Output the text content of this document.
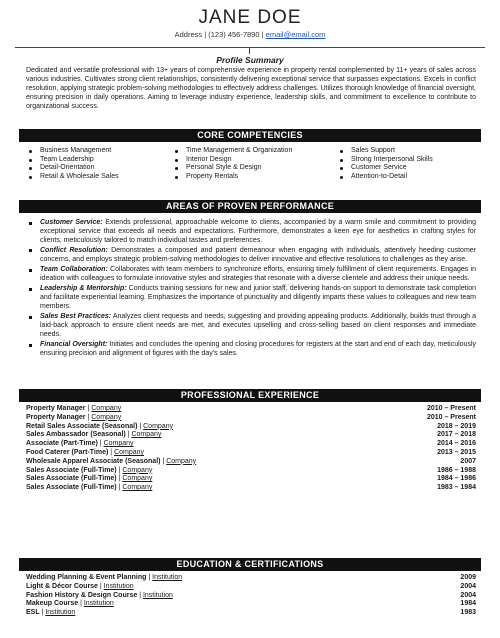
JANE DOE
Address | (123) 456-7890 | email@email.com
Profile Summary

Dedicated and versatile professional with 13+ years of comprehensive experience in property rental complemented by 11+ years of sales across various industries. Cultivates strong client relationships, consistently delivering exceptional service that surpasses expectations. Excels in conflict resolution, applying strategic problem-solving methodologies to effectively address challenges. Utilizes thorough knowledge of financial oversight, ensuring precision in daily operations. Aiming to leverage industry experience, leadership skills, and commitment to excellence to contribute to organizational success.

CORE COMPETENCIES
Business Management
Team Leadership
Detail-Orientation
Retail & Wholesale Sales
Time Management & Organization
Interior Design
Personal Style & Design
Property Rentals
Sales Support
Strong Interpersonal Skills
Customer Service
Attention-to-Detail
AREAS OF PROVEN PERFORMANCE
Customer Service: Extends professional, approachable welcome to clients, accompanied by a warm smile and commitment to providing exceptional service that exceeds all needs and expectations. Furthermore, demonstrates a keen eye for aesthetics in crafting styles for clients, meticulously tailored to match individual tastes and preferences.
Conflict Resolution: Demonstrates a composed and patient demeanour when engaging with individuals, attentively heeding customer concerns, and employs strategic problem-solving methodologies to deliver innovative and effective resolutions to challenges as they arise.
Team Collaboration: Collaborates with team members to synchronize efforts, ensuring timely fulfillment of client requirements. Engages in ideation with colleagues to formulate innovative styles and strategies that resonate with a diverse clientele and address their unique needs.
Leadership & Mentorship: Conducts training sessions for new and junior staff, delivering hands-on support to demonstrate task completion and facilitate experiential learning. Emphasizes the importance of punctuality and diligently imparts these values to colleagues and new team members.
Sales Best Practices: Analyzes client requests and needs, suggesting and providing appealing products. Additionally, builds trust through a laid-back approach to ensure client needs are met, and executes upselling and cross-selling based on client responses and immediate needs.
Financial Oversight: Initiates and concludes the opening and closing procedures for registers at the start and end of each day, meticulously ensuring precision and alignment of figures with the day's sales.
PROFESSIONAL EXPERIENCE
Property Manager | Company	2010 – Present
Property Manager | Company	2010 – Present
Retail Sales Associate (Seasonal) | Company	2018 – 2019
Sales Ambassador (Seasonal) | Company	2017 – 2018
Associate (Part-Time) | Company	2014 – 2016
Food Caterer (Part-Time) | Company	2013 – 2015
Wholesale Apparel Associate (Seasonal) | Company	2007
Sales Associate (Full-Time) | Company	1986 – 1988
Sales Associate (Full-Time) | Company	1984 – 1986
Sales Associate (Full-Time) | Company	1983 – 1984
EDUCATION & CERTIFICATIONS
Wedding Planning & Event Planning | Institution	2009
Light & Décor Course | Institution	2004
Fashion History & Design Course | Institution	2004
Makeup Course | Institution	1984
ESL | Institution	1983
